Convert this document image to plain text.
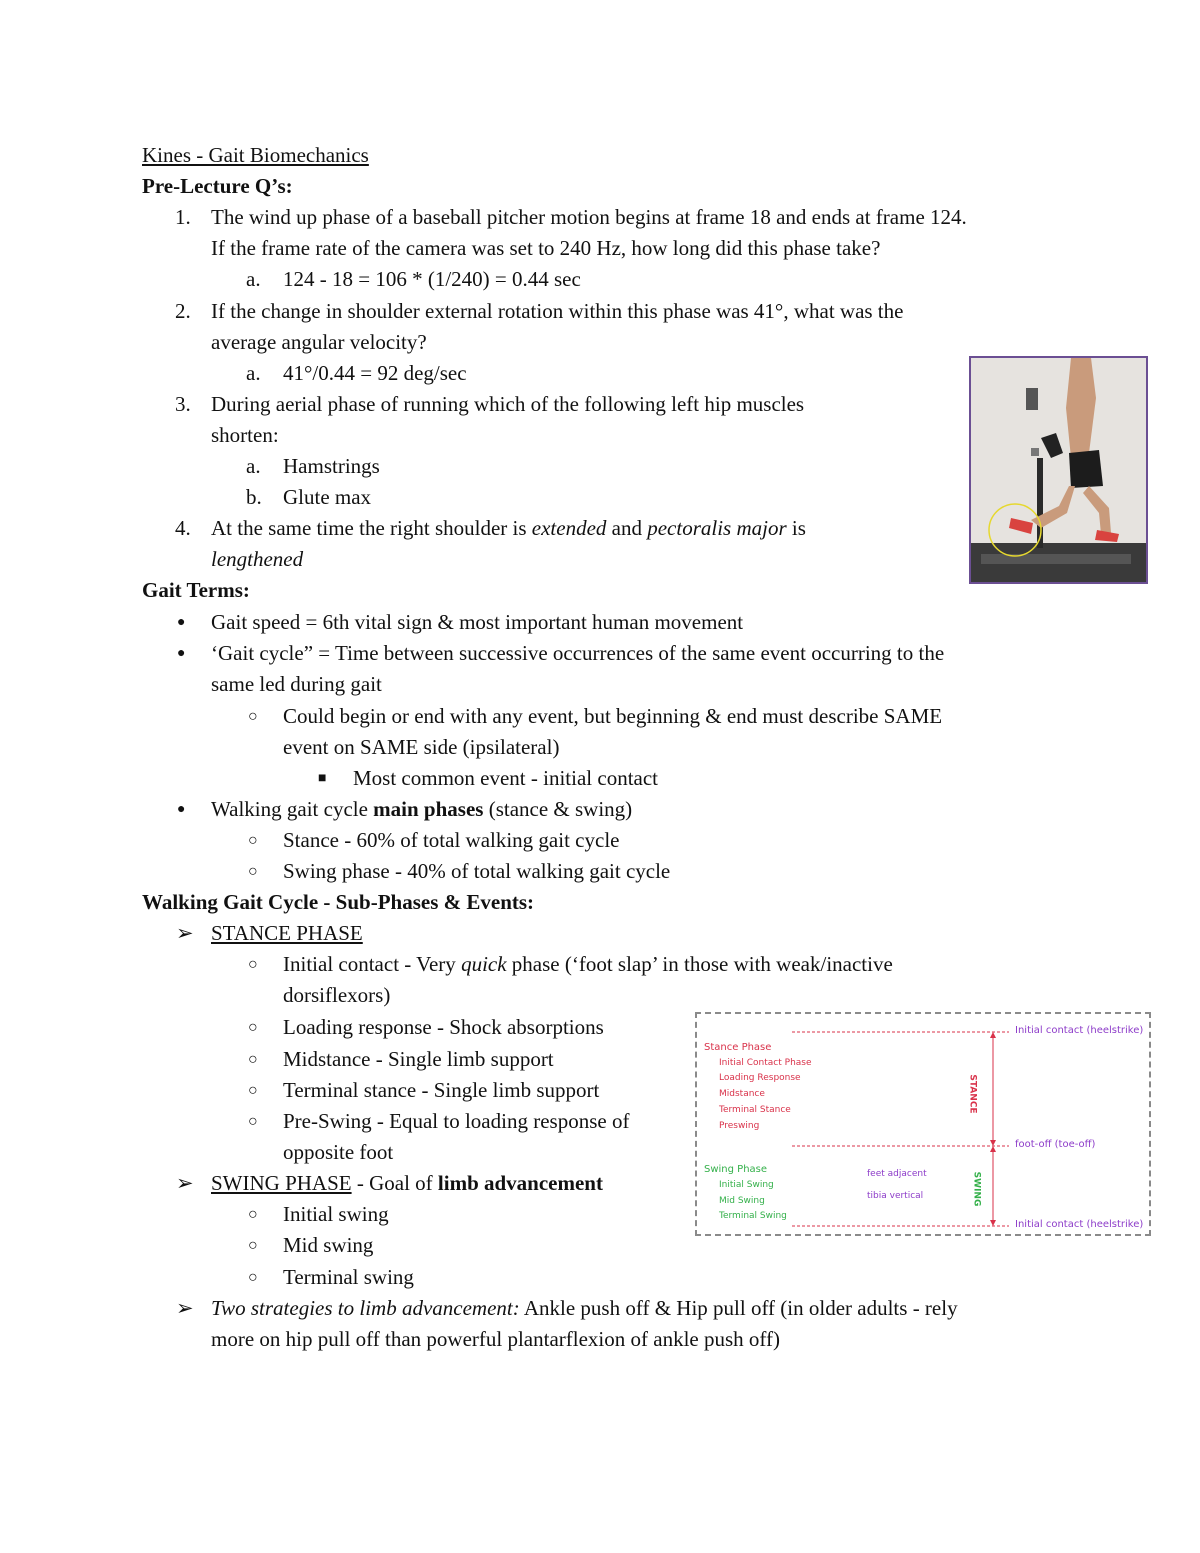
Kines - Gait Biomechanics
Pre-Lecture Q’s:
1. The wind up phase of a baseball pitcher motion begins at frame 18 and ends at frame 124.
If the frame rate of the camera was set to 240 Hz, how long did this phase take?
a. 124 - 18 = 106 * (1/240) = 0.44 sec
2. If the change in shoulder external rotation within this phase was 41°, what was the
average angular velocity?
a. 41°/0.44 = 92 deg/sec
3. During aerial phase of running which of the following left hip muscles
shorten:
a. Hamstrings
b. Glute max
4. At the same time the right shoulder is extended and pectoralis major is
lengthened
Gait Terms:
● Gait speed = 6th vital sign & most important human movement
● ‘Gait cycle” = Time between successive occurrences of the same event occurring to the
same led during gait
○ Could begin or end with any event, but beginning & end must describe SAME
event on SAME side (ipsilateral)
■ Most common event - initial contact
● Walking gait cycle main phases (stance & swing)
○ Stance - 60% of total walking gait cycle
○ Swing phase - 40% of total walking gait cycle
Walking Gait Cycle - Sub-Phases & Events:
➢ STANCE PHASE
○ Initial contact - Very quick phase (‘foot slap’ in those with weak/inactive
dorsiflexors)
○ Loading response - Shock absorptions
○ Midstance - Single limb support
○ Terminal stance - Single limb support
○ Pre-Swing - Equal to loading response of
opposite foot
➢ SWING PHASE - Goal of limb advancement
○ Initial swing
○ Mid swing
○ Terminal swing
➢ Two strategies to limb advancement: Ankle push off & Hip pull off (in older adults - rely
more on hip pull off than powerful plantarflexion of ankle push off)
Initial contact (heelstrike)
foot-off (toe-off)
Initial contact (heelstrike)
Stance Phase
Initial Contact Phase
Loading Response
Midstance
Terminal Stance
Preswing
Swing Phase
Initial Swing
Mid Swing
Terminal Swing
feet adjacent
tibia vertical
STANCE
SWING
